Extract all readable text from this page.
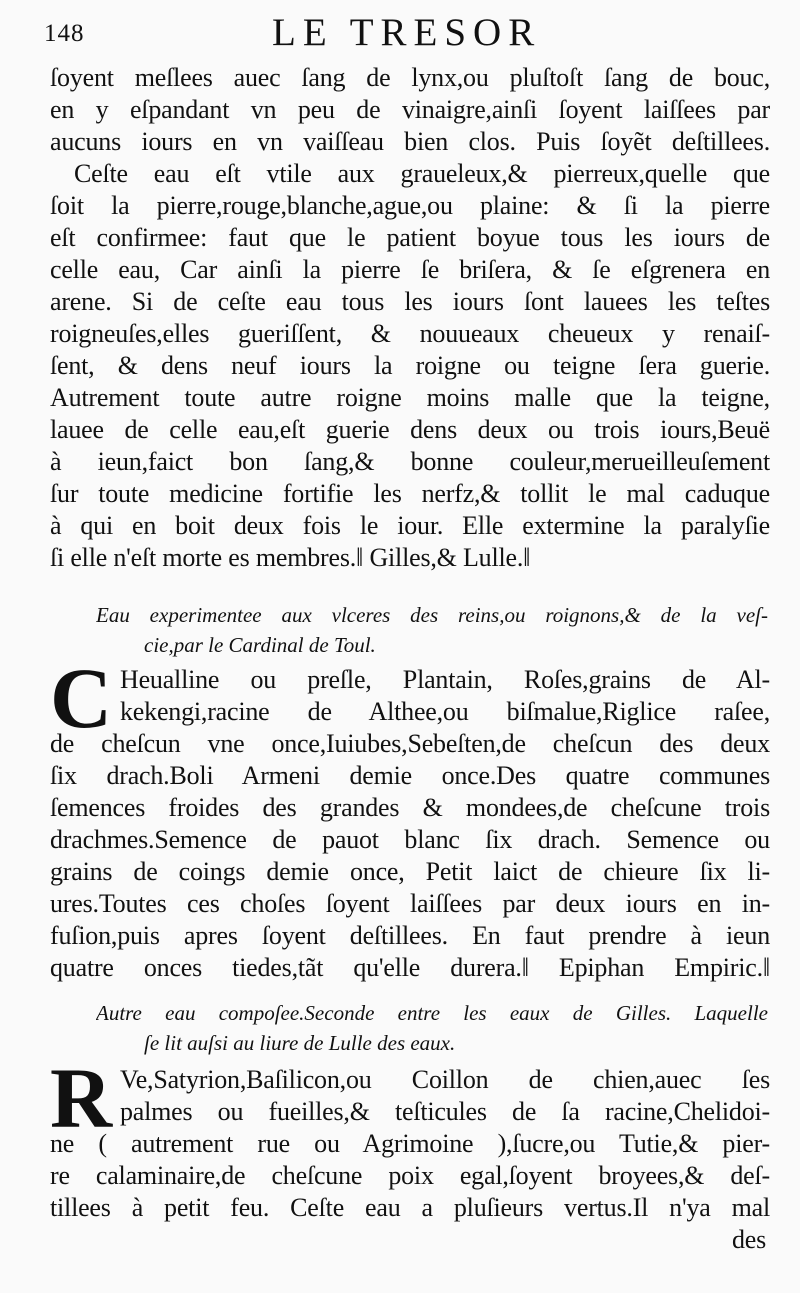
148	LE TRESOR
ſoyent meſlees auec ſang de lynx,ou pluſtoſt ſang de bouc,
en y eſpandant vn peu de vinaigre,ainſi ſoyent laiſſees par
aucuns iours en vn vaiſſeau bien clos. Puis ſoyẽt deſtillees.
Ceſte eau eſt vtile aux graueleux,& pierreux,quelle que
ſoit la pierre,rouge,blanche,ague,ou plaine: & ſi la pierre
eſt confirmee: faut que le patient boyue tous les iours de
celle eau, Car ainſi la pierre ſe briſera, & ſe eſgrenera en
arene. Si de ceſte eau tous les iours ſont lauees les teſtes
roigneuſes,elles gueriſſent, & nouueaux cheueux y renaiſ-
ſent, & dens neuf iours la roigne ou teigne ſera guerie.
Autrement toute autre roigne moins malle que la teigne,
lauee de celle eau,eſt guerie dens deux ou trois iours,Beuë
à ieun,faict bon ſang,& bonne couleur,merueilleuſement
ſur toute medicine fortifie les nerfz,& tollit le mal caduque
à qui en boit deux fois le iour. Elle extermine la paralyſie
ſi elle n'eſt morte es membres.‖ Gilles,& Lulle.‖
Eau experimentee aux vlceres des reins,ou roignons,& de la veſ-
cie,par le Cardinal de Toul.
C Heualline ou preſle, Plantain, Roſes,grains de Al-
kekengi,racine de Althee,ou biſmalue,Riglice raſee,
de cheſcun vne once,Iuiubes,Sebeſten,de cheſcun des deux
ſix drach.Boli Armeni demie once.Des quatre communes
ſemences froides des grandes & mondees,de cheſcune trois
drachmes.Semence de pauot blanc ſix drach. Semence ou
grains de coings demie once, Petit laict de chieure ſix li-
ures.Toutes ces choſes ſoyent laiſſees par deux iours en in-
fuſion,puis apres ſoyent deſtillees. En faut prendre à ieun
quatre onces tiedes,tãt qu'elle durera.‖ Epiphan Empiric.‖
Autre eau compoſee.Seconde entre les eaux de Gilles. Laquelle
ſe lit auſsi au liure de Lulle des eaux.
R Ve,Satyrion,Baſilicon,ou Coillon de chien,auec ſes
palmes ou fueilles,& teſticules de ſa racine,Chelidoi-
ne ( autrement rue ou Agrimoine ),ſucre,ou Tutie,& pier-
re calaminaire,de cheſcune poix egal,ſoyent broyees,& deſ-
tillees à petit feu. Ceſte eau a pluſieurs vertus.Il n'ya mal
des
